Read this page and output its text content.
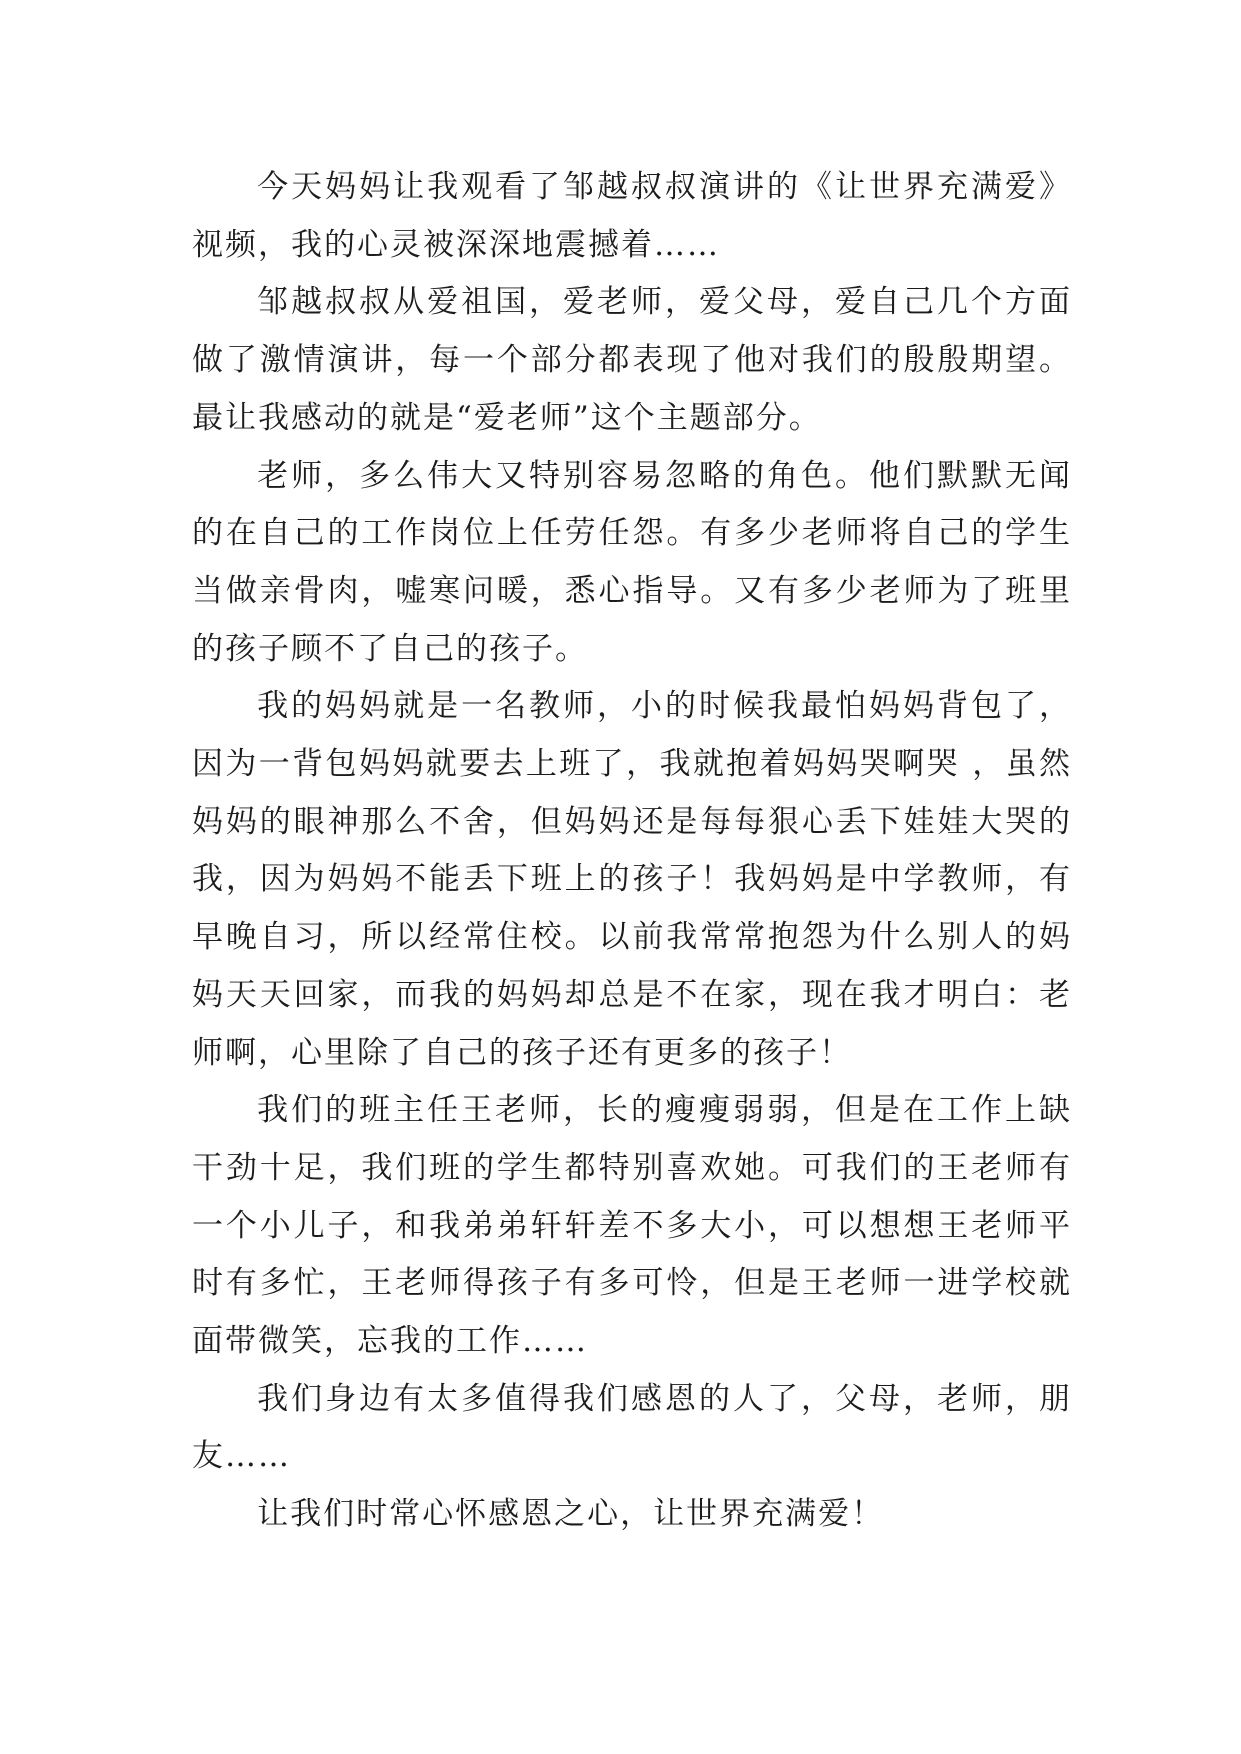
今天妈妈让我观看了邹越叔叔演讲的《让世界充满爱》视频，我的心灵被深深地震撼着……

邹越叔叔从爱祖国，爱老师，爱父母，爱自己几个方面做了激情演讲，每一个部分都表现了他对我们的殷殷期望。最让我感动的就是“爱老师”这个主题部分。

老师，多么伟大又特别容易忽略的角色。他们默默无闻的在自己的工作岗位上任劳任怨。有多少老师将自己的学生当做亲骨肉，嘘寒问暖，悉心指导。又有多少老师为了班里的孩子顾不了自己的孩子。

我的妈妈就是一名教师，小的时候我最怕妈妈背包了，因为一背包妈妈就要去上班了，我就抱着妈妈哭啊哭 ，虽然妈妈的眼神那么不舍，但妈妈还是每每狠心丢下娃娃大哭的我，因为妈妈不能丢下班上的孩子！我妈妈是中学教师，有早晚自习，所以经常住校。以前我常常抱怨为什么别人的妈妈天天回家，而我的妈妈却总是不在家，现在我才明白：老师啊，心里除了自己的孩子还有更多的孩子！

我们的班主任王老师，长的瘦瘦弱弱，但是在工作上缺干劲十足，我们班的学生都特别喜欢她。可我们的王老师有一个小儿子，和我弟弟轩轩差不多大小，可以想想王老师平时有多忙，王老师得孩子有多可怜，但是王老师一进学校就面带微笑，忘我的工作……

我们身边有太多值得我们感恩的人了，父母，老师，朋友……

让我们时常心怀感恩之心，让世界充满爱！
